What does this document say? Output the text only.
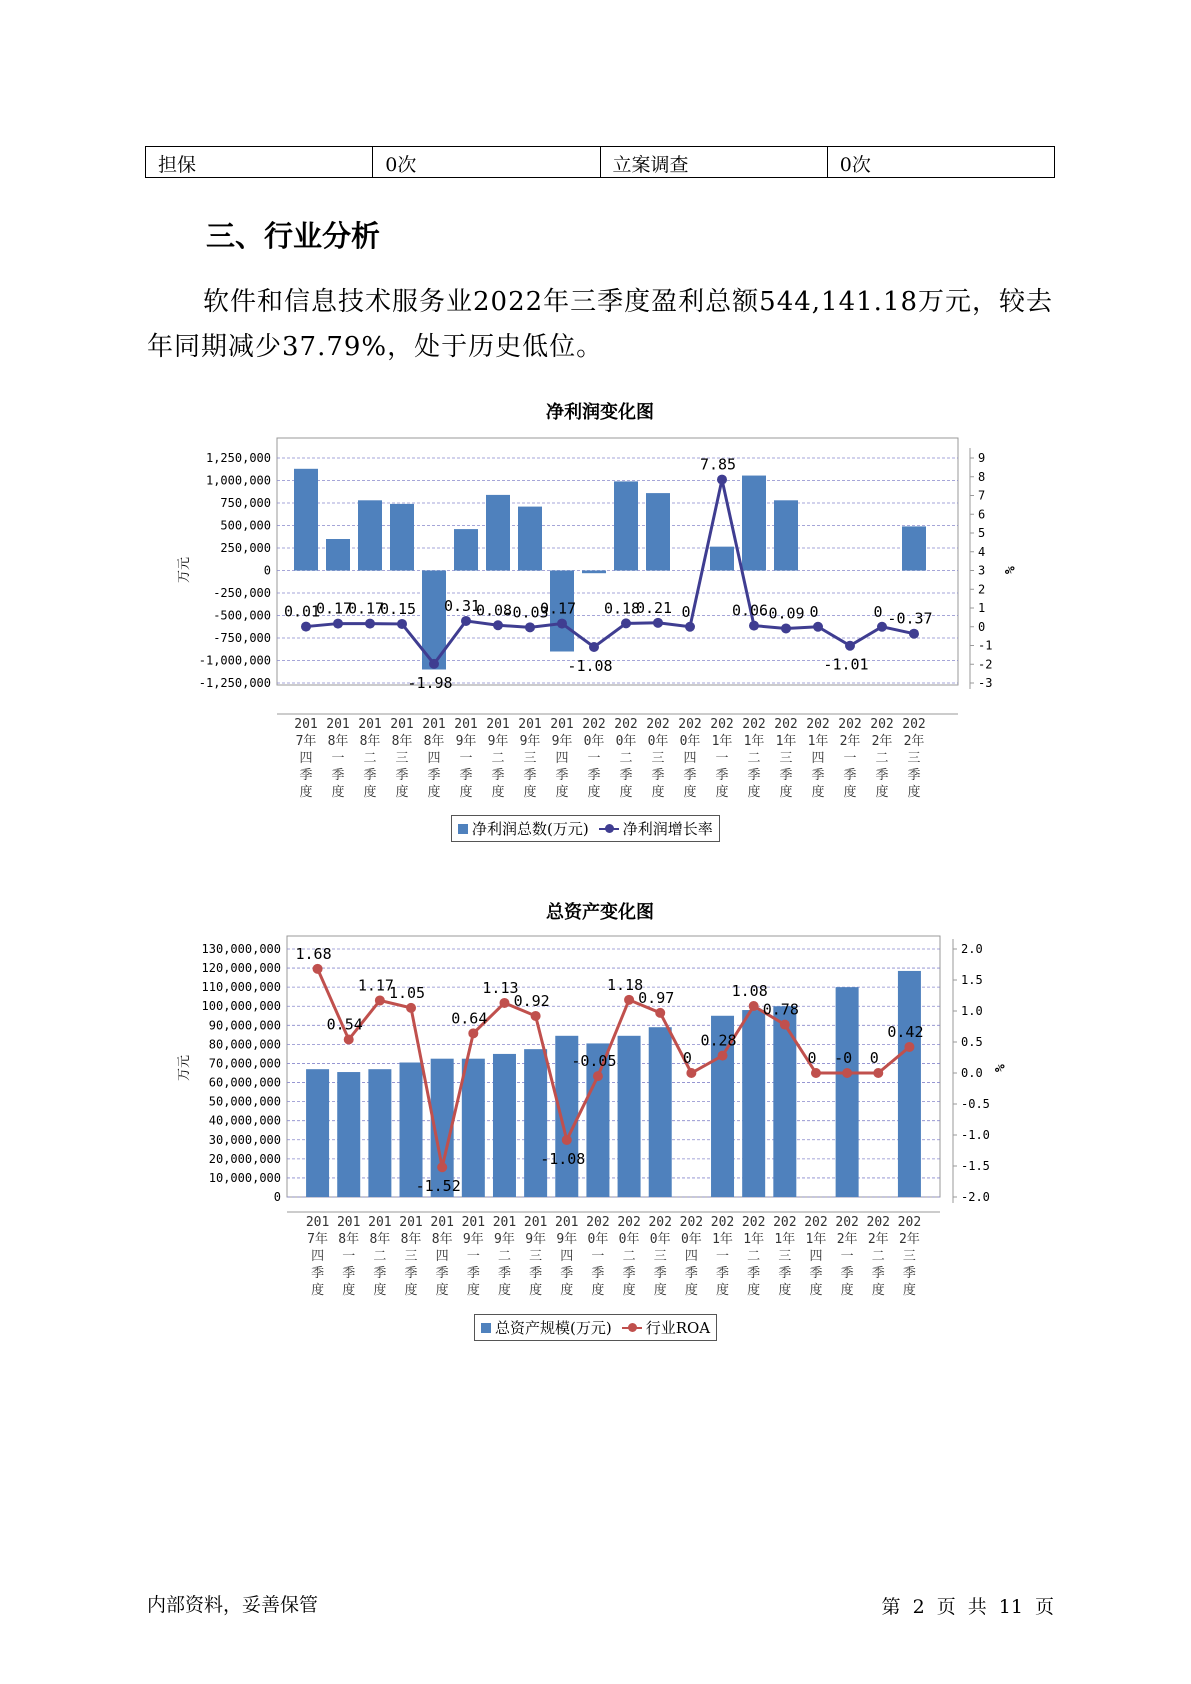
担保	0次	立案调查	0次
三、行业分析

软件和信息技术服务业2022年三季度盈利总额544,141.18万元，较去年同期减少37.79%，处于历史低位。

净利润变化图
1,250,000
1,000,000
750,000
500,000
250,000
0
-250,000
-500,000
-750,000
-1,000,000
-1,250,000
9
8
7
6
5
4
3
2
1
0
-1
-2
-3
万元	%
0.01
0.17
0.17
0.15
-1.98
0.31
0.08
-0.03
0.17
-1.08
0.18
0.21 0
7.85
0.06
-0.09 0
-1.01
0 -0.37
201
7年
四
季
度
201
8年
一
季
度
201
8年
二
季
度
201
8年
三
季
度
201
8年
四
季
度
201
9年
一
季
度
201
9年
二
季
度
201
9年
三
季
度
201
9年
四
季
度
202
0年
一
季
度
202
0年
二
季
度
202
0年
三
季
度
202
0年
四
季
度
202
1年
一
季
度
202
1年
二
季
度
202
1年
三
季
度
202
1年
四
季
度
202
2年
一
季
度
202
2年
二
季
度
202
2年
三
季
度
净利润总数(万元) 净利润增长率
总资产变化图
130,000,000
120,000,000
110,000,000
100,000,000
90,000,000
80,000,000
70,000,000
60,000,000
50,000,000
40,000,000
30,000,000
20,000,000
10,000,000
0
2.0
1.5
1.0
0.5
0.0
-0.5
-1.0
-1.5
-2.0
万元	%
1.68
0.54
1.17
1.05
-1.52
0.64
1.13
0.92
-1.08
-0.05
1.18
0.97
0
0.28
1.08
0.78
0 -0 0
0.42
201
7年
四
季
度
201
8年
一
季
度
201
8年
二
季
度
201
8年
三
季
度
201
8年
四
季
度
201
9年
一
季
度
201
9年
二
季
度
201
9年
三
季
度
201
9年
四
季
度
202
0年
一
季
度
202
0年
二
季
度
202
0年
三
季
度
202
0年
四
季
度
202
1年
一
季
度
202
1年
二
季
度
202
1年
三
季
度
202
1年
四
季
度
202
2年
一
季
度
202
2年
二
季
度
202
2年
三
季
度
总资产规模(万元) 行业ROA
内部资料，妥善保管	第 2 页 共 11 页
